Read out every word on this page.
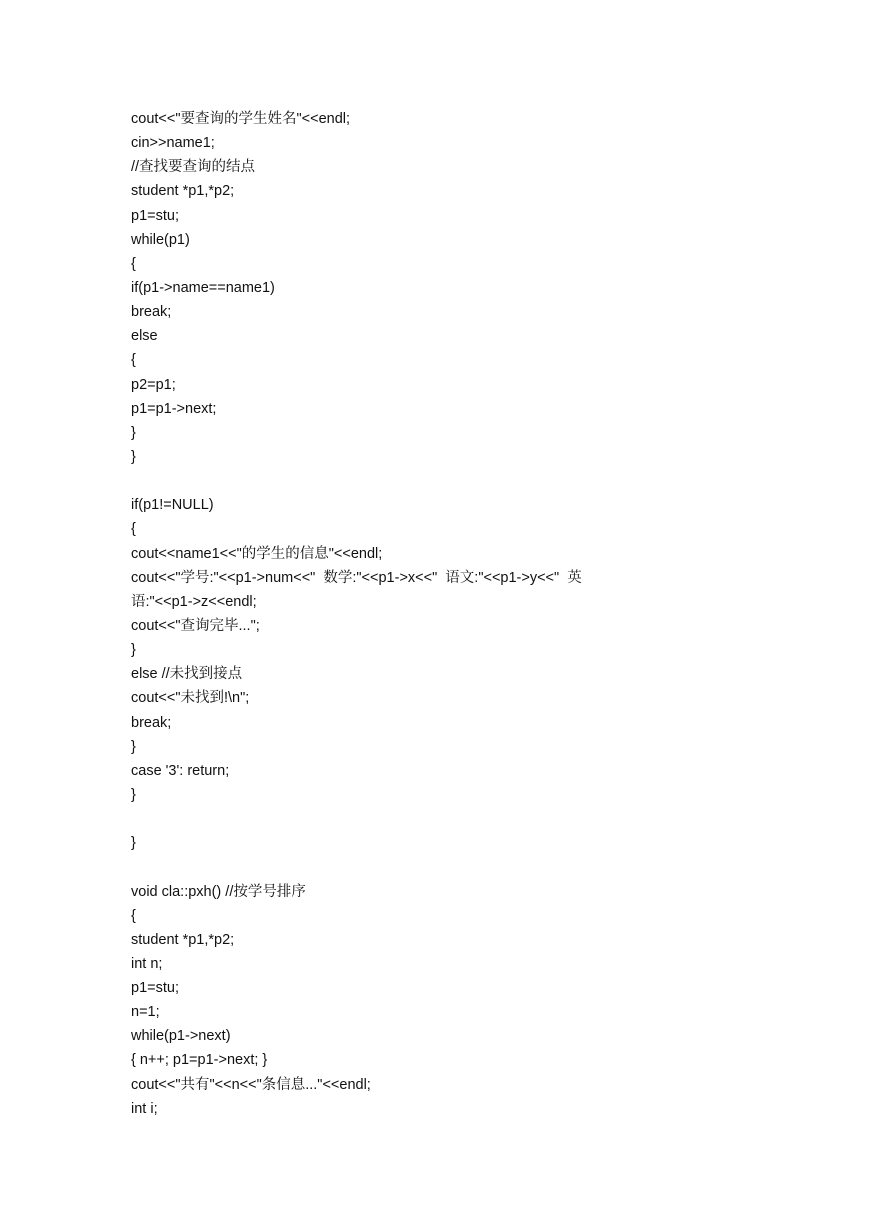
cout<<"要查询的学生姓名"<<endl;
cin>>name1;
//查找要查询的结点
student *p1,*p2;
p1=stu;
while(p1)
{
if(p1->name==name1)
break;
else
{
p2=p1;
p1=p1->next;
}
}
if(p1!=NULL)
{
cout<<name1<<"的学生的信息"<<endl;
cout<<"学号:"<<p1->num<<"  数学:"<<p1->x<<"  语文:"<<p1->y<<"  英
语:"<<p1->z<<endl;
cout<<"查询完毕...";
}
else //未找到接点
cout<<"未找到!\n";
break;
}
case '3': return;
}
}
void cla::pxh() //按学号排序
{
student *p1,*p2;
int n;
p1=stu;
n=1;
while(p1->next)
{ n++; p1=p1->next; }
cout<<"共有"<<n<<"条信息..."<<endl;
int i;
